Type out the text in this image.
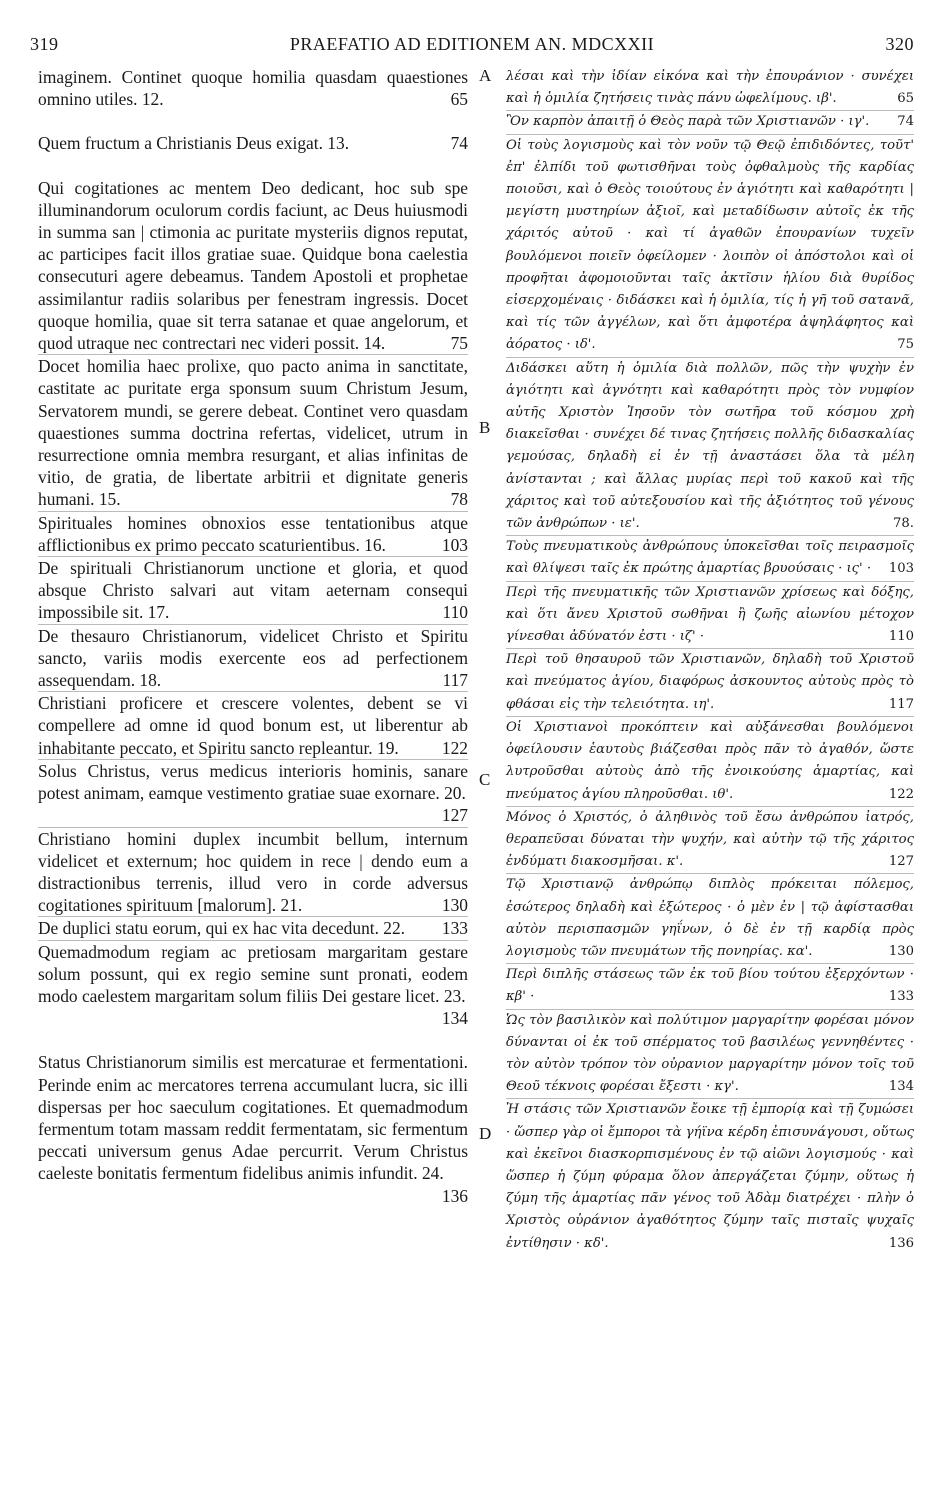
319	PRAEFATIO AD EDITIONEM AN. MDCXXII	320
A
B
C
D
imaginem. Continet quoque homilia quasdam quaestiones omnino utiles. 12.	65
Quem fructum a Christianis Deus exigat. 13.	74
Qui cogitationes ac mentem Deo dedicant, hoc sub spe illuminandorum oculorum cordis faciunt, ac Deus huiusmodi in summa san | ctimonia ac puritate mysteriis dignos reputat, ac participes facit illos gratiae suae. Quidque bona caelestia consecuturi agere debeamus. Tandem Apostoli et prophetae assimilantur radiis solaribus per fenestram ingressis. Docet quoque homilia, quae sit terra satanae et quae angelorum, et quod utraque nec contrectari nec videri possit. 14.	75
Docet homilia haec prolixe, quo pacto anima in sanctitate, castitate ac puritate erga sponsum suum Christum Jesum, Servatorem mundi, se gerere debeat. Continet vero quasdam quaestiones summa doctrina refertas, videlicet, utrum in resurrectione omnia membra resurgant, et alias infinitas de vitio, de gratia, de libertate arbitrii et dignitate generis humani. 15.	78
Spirituales homines obnoxios esse tentationibus atque afflictionibus ex primo peccato scaturientibus. 16.	103
De spirituali Christianorum unctione et gloria, et quod absque Christo salvari aut vitam aeternam consequi impossibile sit. 17.	110
De thesauro Christianorum, videlicet Christo et Spiritu sancto, variis modis exercente eos ad perfectionem assequendam. 18.	117
Christiani proficere et crescere volentes, debent se vi compellere ad omne id quod bonum est, ut liberentur ab inhabitante peccato, et Spiritu sancto repleantur. 19. 122
Solus Christus, verus medicus interioris hominis, sanare potest animam, eamque vestimento gratiae suae exornare. 20.
127
Christiano homini duplex incumbit bellum, internum videlicet et externum; hoc quidem in rece | dendo eum a distractionibus terrenis, illud vero in corde adversus cogitationes spirituum [malorum]. 21.	130
De duplici statu eorum, qui ex hac vita decedunt. 22. 133
Quemadmodum regiam ac pretiosam margaritam gestare solum possunt, qui ex regio semine sunt pronati, eodem modo caelestem margaritam solum filiis Dei gestare licet. 23.
134
Status Christianorum similis est mercaturae et fermentationi. Perinde enim ac mercatores terrena accumulant lucra, sic illi dispersas per hoc saeculum cogitationes. Et quemadmodum fermentum totam massam reddit fermentatam, sic fermentum peccati universum genus Adae percurrit. Verum Christus caeleste bonitatis fermentum fidelibus animis infundit. 24.
136
λέσαι καὶ τὴν ἰδίαν εἰκόνα καὶ τὴν ἐπουράνιον · συνέχει καὶ ἡ ὁμιλία ζητήσεις τινὰς πάνυ ὠφελίμους. ιβ'.	65
Ὃν καρπὸν ἀπαιτῇ ὁ Θεὸς παρὰ τῶν Χριστιανῶν · ιγ'. 74
Οἱ τοὺς λογισμοὺς καὶ τὸν νοῦν τῷ Θεῷ ἐπιδιδόντες, τοῦτ' ἐπ' ἐλπίδι τοῦ φωτισθῆναι τοὺς ὀφθαλμοὺς τῆς καρδίας ποιοῦσι, καὶ ὁ Θεὸς τοιούτους ἐν ἁγιότητι καὶ καθαρότητι | μεγίστη μυστηρίων ἀξιοῖ, καὶ μεταδίδωσιν αὐτοῖς ἐκ τῆς χάριτός αὐτοῦ · καὶ τί ἀγαθῶν ἐπουρανίων τυχεῖν βουλόμενοι ποιεῖν ὀφείλομεν · λοιπὸν οἱ ἀπόστολοι καὶ οἱ προφῆται ἀφομοιοῦνται ταῖς ἀκτῖσιν ἡλίου διὰ θυρίδος εἰσερχομέναις · διδάσκει καὶ ἡ ὁμιλία, τίς ἡ γῆ τοῦ σατανᾶ, καὶ τίς τῶν ἀγγέλων, καὶ ὅτι ἀμφοτέρα ἀψηλάφητος καὶ ἀόρατος · ιδ'.	75
Διδάσκει αὕτη ἡ ὁμιλία διὰ πολλῶν, πῶς τὴν ψυχὴν ἐν ἁγιότητι καὶ ἁγνότητι καὶ καθαρότητι πρὸς τὸν νυμφίον αὐτῆς Χριστὸν Ἰησοῦν τὸν σωτῆρα τοῦ κόσμου χρὴ διακεῖσθαι · συνέχει δέ τινας ζητήσεις πολλῆς διδασκαλίας γεμούσας, δηλαδὴ εἰ ἐν τῇ ἀναστάσει ὅλα τὰ μέλη ἀνίστανται ; καὶ ἄλλας μυρίας περὶ τοῦ κακοῦ καὶ τῆς χάριτος καὶ τοῦ αὐτεξουσίου καὶ τῆς ἀξιότητος τοῦ γένους τῶν ἀνθρώπων · ιε'.	78.
Τοὺς πνευματικοὺς ἀνθρώπους ὑποκεῖσθαι τοῖς πειρασμοῖς καὶ θλίψεσι ταῖς ἐκ πρώτης ἁμαρτίας βρυούσαις · ις' · 103
Περὶ τῆς πνευματικῆς τῶν Χριστιανῶν χρίσεως καὶ δόξης, καὶ ὅτι ἄνευ Χριστοῦ σωθῆναι ἢ ζωῆς αἰωνίου μέτοχον γίνεσθαι ἀδύνατόν ἐστι · ιζ' ·	110
Περὶ τοῦ θησαυροῦ τῶν Χριστιανῶν, δηλαδὴ τοῦ Χριστοῦ καὶ πνεύματος ἁγίου, διαφόρως ἀσκουντος αὐτοὺς πρὸς τὸ φθάσαι εἰς τὴν τελειότητα. ιη'.	117
Οἱ Χριστιανοὶ προκόπτειν καὶ αὐξάνεσθαι βουλόμενοι ὀφείλουσιν ἑαυτοὺς βιάζεσθαι πρὸς πᾶν τὸ ἀγαθόν, ὥστε λυτροῦσθαι αὐτοὺς ἀπὸ τῆς ἐνοικούσης ἁμαρτίας, καὶ πνεύματος ἁγίου πληροῦσθαι. ιθ'.	122
Μόνος ὁ Χριστός, ὁ ἀληθινὸς τοῦ ἔσω ἀνθρώπου ἰατρός, θεραπεῦσαι δύναται τὴν ψυχήν, καὶ αὐτὴν τῷ τῆς χάριτος ἐνδύματι διακοσμῆσαι. κ'.	127
Τῷ Χριστιανῷ ἀνθρώπῳ διπλὸς πρόκειται πόλεμος, ἐσώτερος δηλαδὴ καὶ ἐξώτερος · ὁ μὲν ἐν | τῷ ἀφίστασθαι αὐτὸν περισπασμῶν γηΐνων, ὁ δὲ ἐν τῇ καρδίᾳ πρὸς λογισμοὺς τῶν πνευμάτων τῆς πονηρίας. κα'.	130
Περὶ διπλῆς στάσεως τῶν ἐκ τοῦ βίου τούτου ἐξερχόντων · κβ' ·	133
Ὡς τὸν βασιλικὸν καὶ πολύτιμον μαργαρίτην φορέσαι μόνον δύνανται οἱ ἐκ τοῦ σπέρματος τοῦ βασιλέως γεννηθέντες · τὸν αὐτὸν τρόπον τὸν οὐρανιον μαργαρίτην μόνον τοῖς τοῦ Θεοῦ τέκνοις φορέσαι ἔξεστι · κγ'.	134
Ἡ στάσις τῶν Χριστιανῶν ἔοικε τῇ ἐμπορίᾳ καὶ τῇ ζυμώσει · ὥσπερ γὰρ οἱ ἔμποροι τὰ γήϊνα κέρδη ἐπισυνάγουσι, οὕτως καὶ ἐκεῖνοι διασκορπισμένους ἐν τῷ αἰῶνι λογισμούς · καὶ ὥσπερ ἡ ζύμη φύραμα ὅλον ἀπεργάζεται ζύμην, οὕτως ἡ ζύμη τῆς ἁμαρτίας πᾶν γένος τοῦ Ἀδὰμ διατρέχει · πλὴν ὁ Χριστὸς οὐράνιον ἀγαθότητος ζύμην ταῖς πισταῖς ψυχαῖς ἐντίθησιν · κδ'.	136
